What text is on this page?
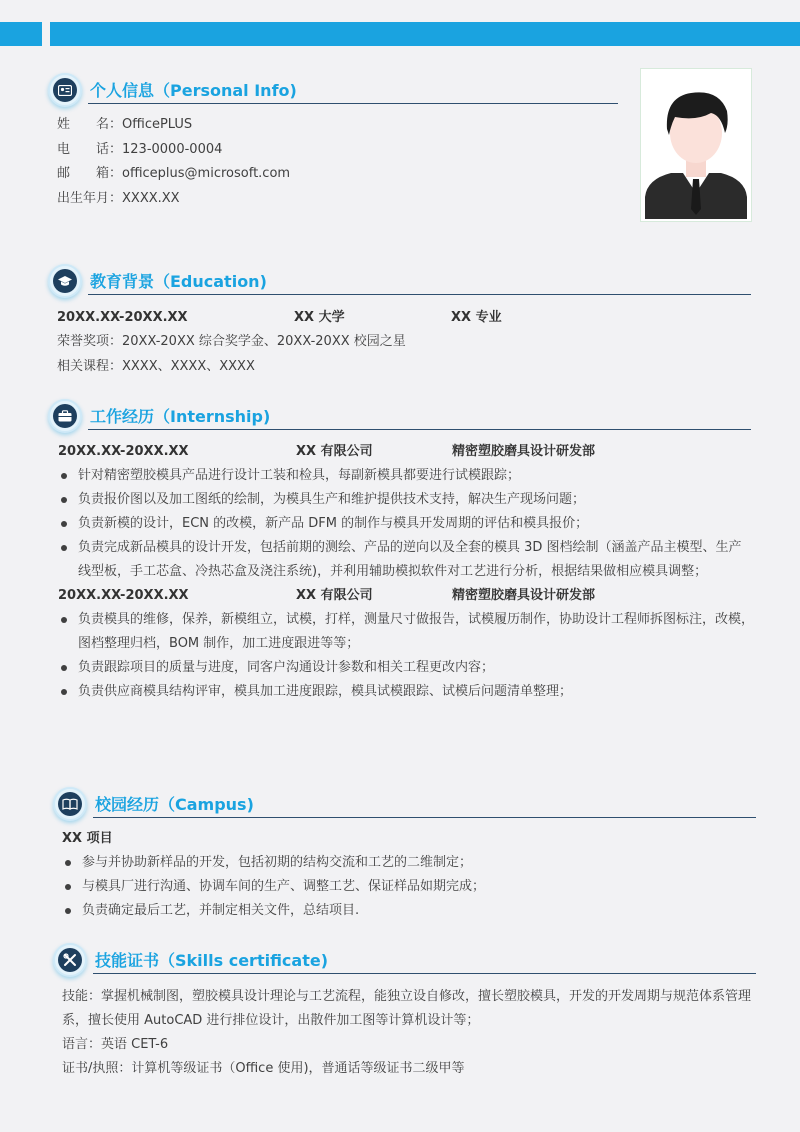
个人信息（Personal Info)
姓　　名：OfficePLUS
电　　话：123-0000-0004
邮　　箱：officeplus@microsoft.com
出生年月：XXXX.XX
教育背景（Education)
20XX.XX-20XX.XX	XX 大学	XX 专业
荣誉奖项：20XX-20XX 综合奖学金、20XX-20XX 校园之星
相关课程：XXXX、XXXX、XXXX
工作经历（Internship)
20XX.XX-20XX.XX	XX 有限公司	精密塑胶磨具设计研发部
针对精密塑胶模具产品进行设计工装和检具，每副新模具都要进行试模跟踪；
负责报价图以及加工图纸的绘制，为模具生产和维护提供技术支持，解决生产现场问题；
负责新模的设计，ECN 的改模，新产品 DFM 的制作与模具开发周期的评估和模具报价；
负责完成新品模具的设计开发，包括前期的测绘、产品的逆向以及全套的模具 3D 图档绘制（涵盖产品主模型、生产线型板，手工芯盒、冷热芯盒及浇注系统)，并利用辅助模拟软件对工艺进行分析，根据结果做相应模具调整；
20XX.XX-20XX.XX	XX 有限公司	精密塑胶磨具设计研发部
负责模具的维修，保养，新模组立，试模，打样，测量尺寸做报告，试模履历制作，协助设计工程师拆图标注，改模，图档整理归档，BOM 制作，加工进度跟进等等；
负责跟踪项目的质量与进度，同客户沟通设计参数和相关工程更改内容；
负责供应商模具结构评审，模具加工进度跟踪，模具试模跟踪、试模后问题清单整理；
校园经历（Campus)
XX 项目
参与并协助新样品的开发，包括初期的结构交流和工艺的二维制定；
与模具厂进行沟通、协调车间的生产、调整工艺、保证样品如期完成；
负责确定最后工艺，并制定相关文件，总结项目.
技能证书（Skills certificate)
技能：掌握机械制图，塑胶模具设计理论与工艺流程，能独立设自修改，擅长塑胶模具，开发的开发周期与规范体系管理系，擅长使用 AutoCAD 进行排位设计，出散件加工图等计算机设计等；
语言：英语 CET-6
证书/执照：计算机等级证书（Office 使用)，普通话等级证书二级甲等
